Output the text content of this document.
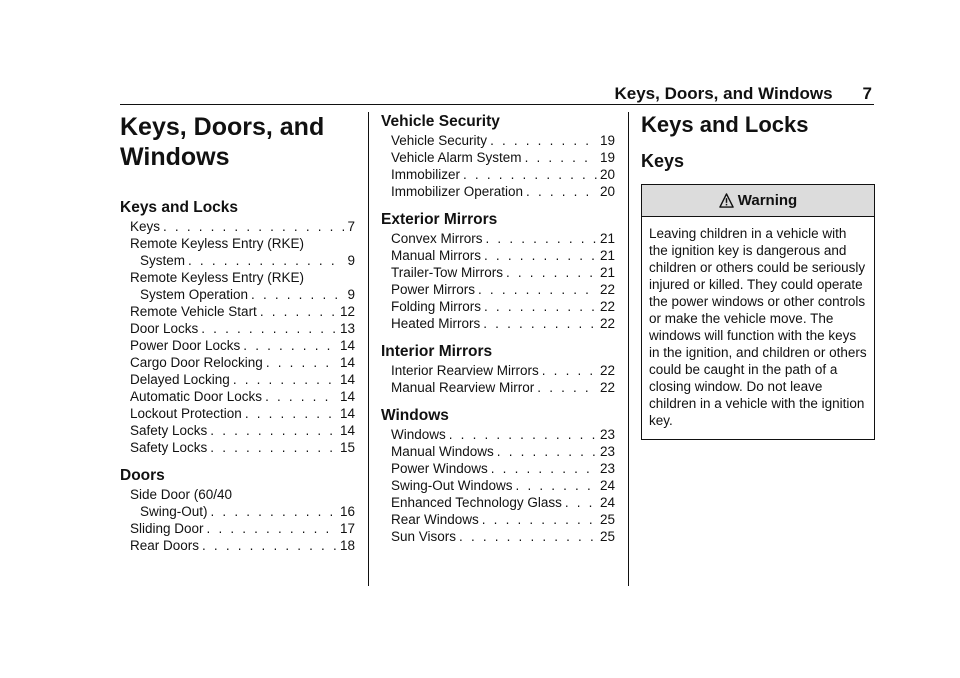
Keys, Doors, and Windows 7
Keys, Doors, and
Windows
Keys and Locks
Keys . . .	7
Remote Keyless Entry (RKE)
System . . .	9
Remote Keyless Entry (RKE)
System Operation . . .	9
Remote Vehicle Start . . .	12
Door Locks . . .	13
Power Door Locks . . .	14
Cargo Door Relocking . . .	14
Delayed Locking . . .	14
Automatic Door Locks . . .	14
Lockout Protection . . .	14
Safety Locks . . .	14
Safety Locks . . .	15
Doors
Side Door (60/40
Swing-Out) . . .	16
Sliding Door . . .	17
Rear Doors . . .	18
Vehicle Security
Vehicle Security . . .	19
Vehicle Alarm System . . .	19
Immobilizer . . .	20
Immobilizer Operation . . .	20
Exterior Mirrors
Convex Mirrors . . .	21
Manual Mirrors . . .	21
Trailer-Tow Mirrors . . .	21
Power Mirrors . . .	22
Folding Mirrors . . .	22
Heated Mirrors . . .	22
Interior Mirrors
Interior Rearview Mirrors . . .	22
Manual Rearview Mirror . . .	22
Windows
Windows . . .	23
Manual Windows . . .	23
Power Windows . . .	23
Swing-Out Windows . . .	24
Enhanced Technology Glass . . .	24
Rear Windows . . .	25
Sun Visors . . .	25
Keys and Locks
Keys
Warning
Leaving children in a vehicle with the ignition key is dangerous and children or others could be seriously injured or killed. They could operate the power windows or other controls or make the vehicle move. The windows will function with the keys in the ignition, and children or others could be caught in the path of a closing window. Do not leave children in a vehicle with the ignition key.
